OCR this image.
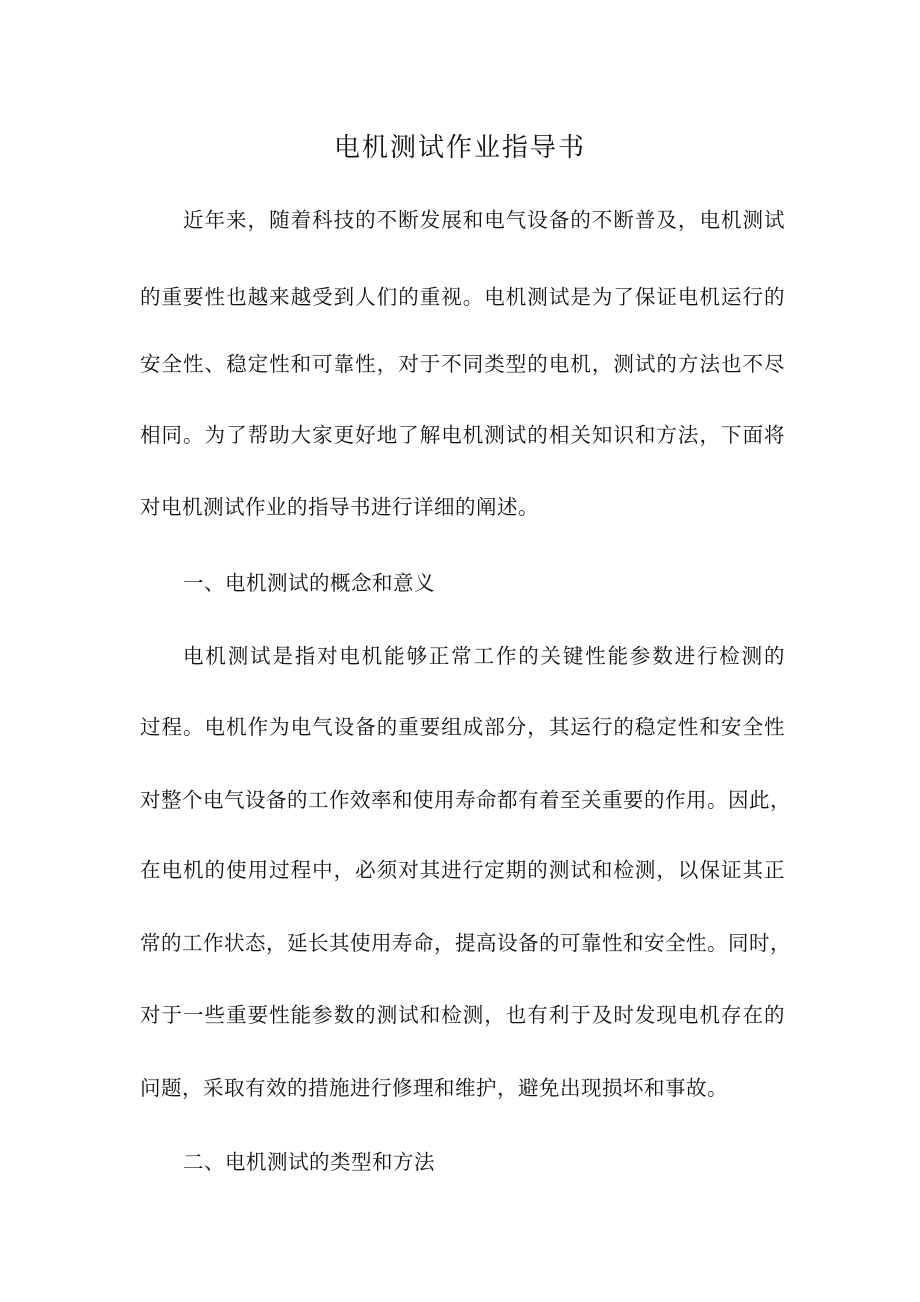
电机测试作业指导书
近年来，随着科技的不断发展和电气设备的不断普及，电机测试
的重要性也越来越受到人们的重视。电机测试是为了保证电机运行的
安全性、稳定性和可靠性，对于不同类型的电机，测试的方法也不尽
相同。为了帮助大家更好地了解电机测试的相关知识和方法，下面将
对电机测试作业的指导书进行详细的阐述。
一、电机测试的概念和意义
电机测试是指对电机能够正常工作的关键性能参数进行检测的
过程。电机作为电气设备的重要组成部分，其运行的稳定性和安全性
对整个电气设备的工作效率和使用寿命都有着至关重要的作用。因此，
在电机的使用过程中，必须对其进行定期的测试和检测，以保证其正
常的工作状态，延长其使用寿命，提高设备的可靠性和安全性。同时，
对于一些重要性能参数的测试和检测，也有利于及时发现电机存在的
问题，采取有效的措施进行修理和维护，避免出现损坏和事故。
二、电机测试的类型和方法
